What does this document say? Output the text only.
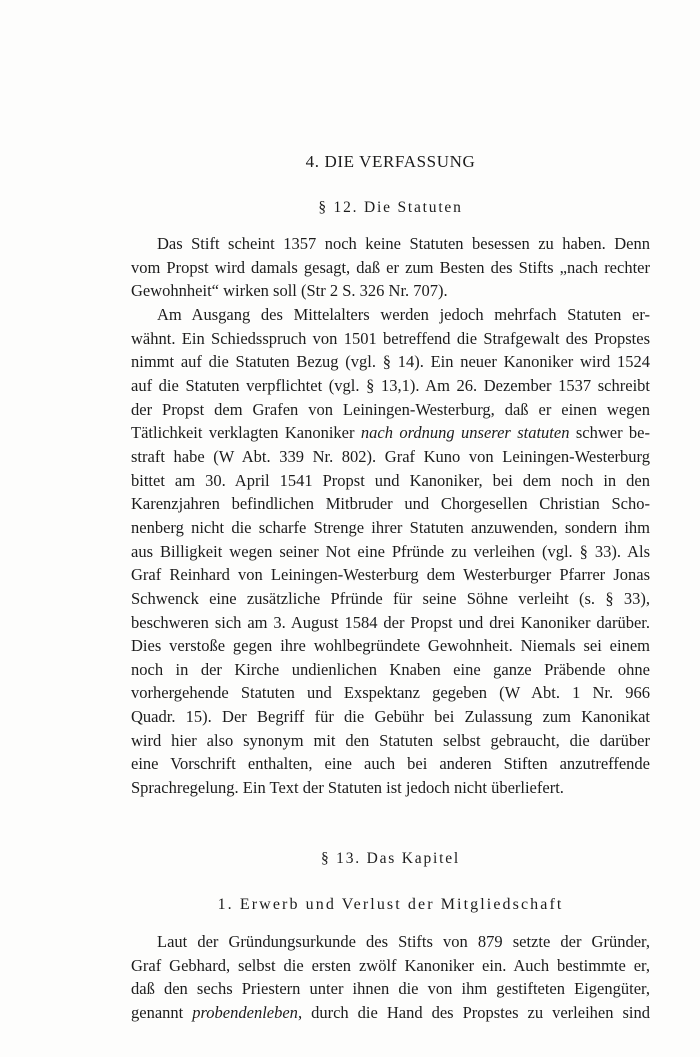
4. DIE VERFASSUNG
§ 12. Die Statuten
Das Stift scheint 1357 noch keine Statuten besessen zu haben. Denn
vom Propst wird damals gesagt, daß er zum Besten des Stifts „nach rechter
Gewohnheit“ wirken soll (Str 2 S. 326 Nr. 707).
Am Ausgang des Mittelalters werden jedoch mehrfach Statuten er-
wähnt. Ein Schiedsspruch von 1501 betreffend die Strafgewalt des Propstes
nimmt auf die Statuten Bezug (vgl. § 14). Ein neuer Kanoniker wird 1524
auf die Statuten verpflichtet (vgl. § 13,1). Am 26. Dezember 1537 schreibt
der Propst dem Grafen von Leiningen-Westerburg, daß er einen wegen
Tätlichkeit verklagten Kanoniker nach ordnung unserer statuten schwer be-
straft habe (W Abt. 339 Nr. 802). Graf Kuno von Leiningen-Westerburg
bittet am 30. April 1541 Propst und Kanoniker, bei dem noch in den
Karenzjahren befindlichen Mitbruder und Chorgesellen Christian Scho-
nenberg nicht die scharfe Strenge ihrer Statuten anzuwenden, sondern ihm
aus Billigkeit wegen seiner Not eine Pfründe zu verleihen (vgl. § 33). Als
Graf Reinhard von Leiningen-Westerburg dem Westerburger Pfarrer Jonas
Schwenck eine zusätzliche Pfründe für seine Söhne verleiht (s. § 33),
beschweren sich am 3. August 1584 der Propst und drei Kanoniker darüber.
Dies verstoße gegen ihre wohlbegründete Gewohnheit. Niemals sei einem
noch in der Kirche undienlichen Knaben eine ganze Präbende ohne
vorhergehende Statuten und Exspektanz gegeben (W Abt. 1 Nr. 966
Quadr. 15). Der Begriff für die Gebühr bei Zulassung zum Kanonikat
wird hier also synonym mit den Statuten selbst gebraucht, die darüber
eine Vorschrift enthalten, eine auch bei anderen Stiften anzutreffende
Sprachregelung. Ein Text der Statuten ist jedoch nicht überliefert.
§ 13. Das Kapitel
1. Erwerb und Verlust der Mitgliedschaft
Laut der Gründungsurkunde des Stifts von 879 setzte der Gründer,
Graf Gebhard, selbst die ersten zwölf Kanoniker ein. Auch bestimmte er,
daß den sechs Priestern unter ihnen die von ihm gestifteten Eigengüter,
genannt probendenleben, durch die Hand des Propstes zu verleihen sind
